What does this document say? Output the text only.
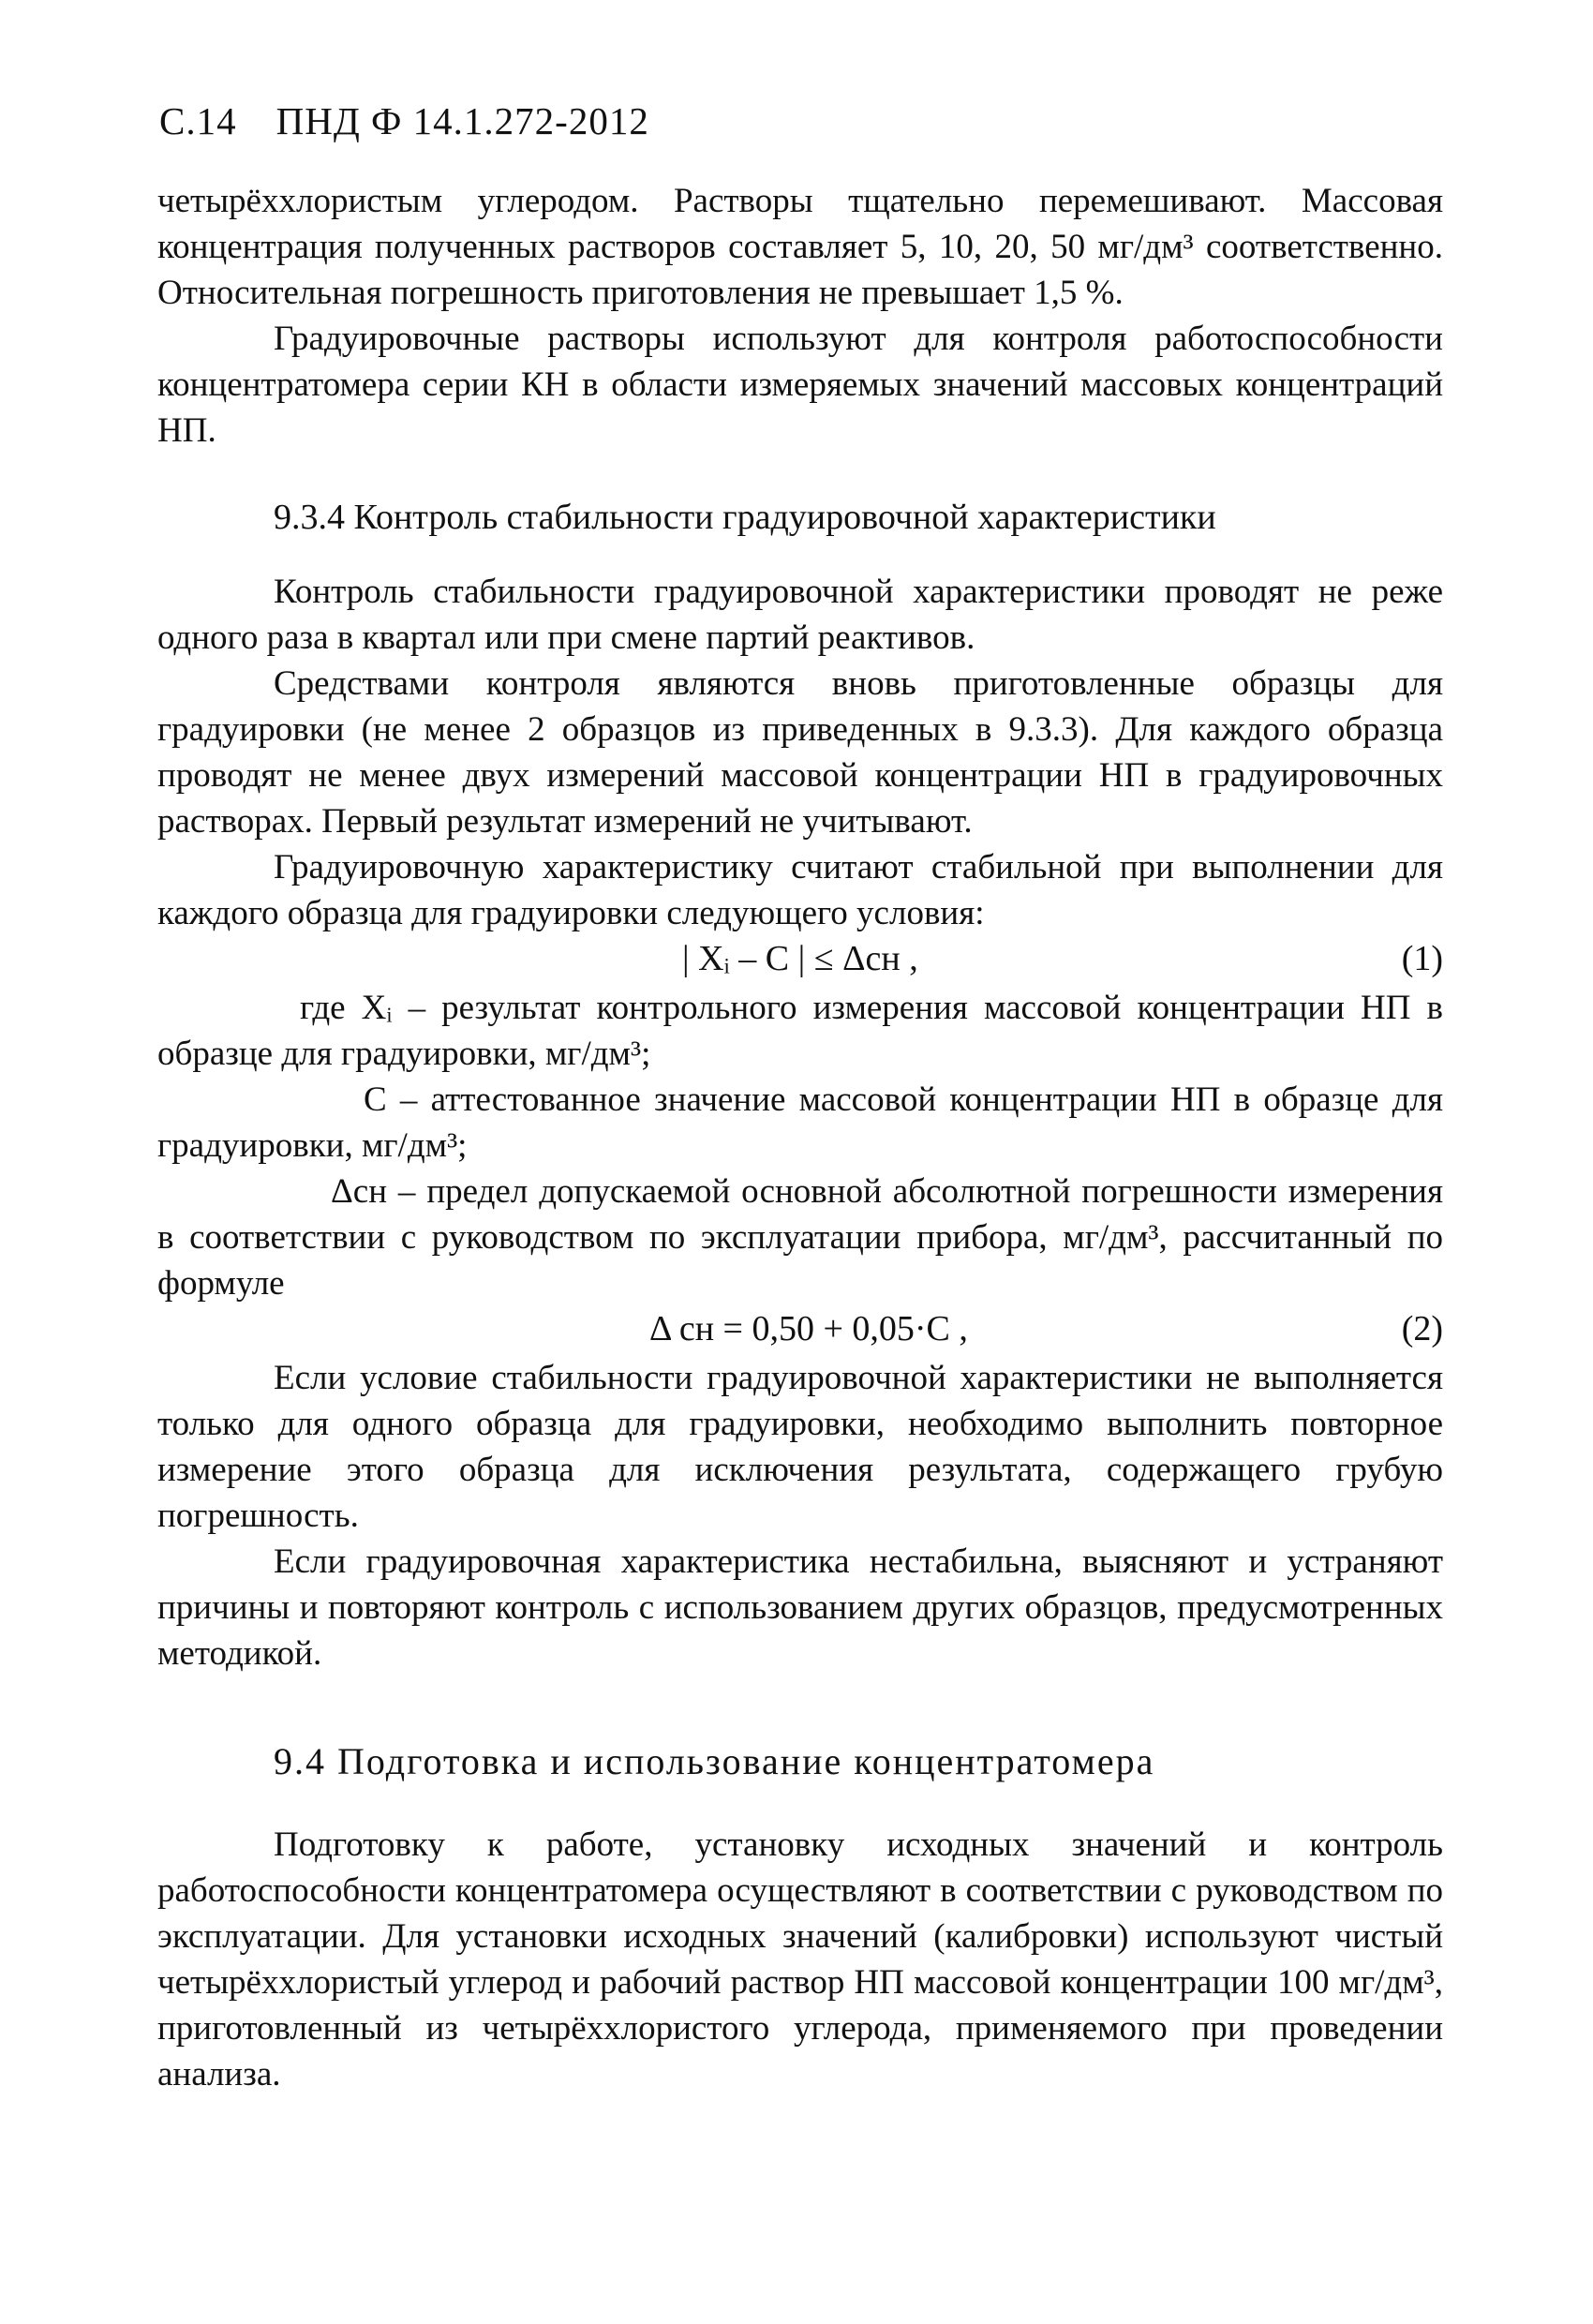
С.14 ПНД Ф 14.1.272-2012

четырёххлористым углеродом. Растворы тщательно перемешивают. Массовая концентрация полученных растворов составляет 5, 10, 20, 50 мг/дм³ соответственно. Относительная погрешность приготовления не превышает 1,5 %.

Градуировочные растворы используют для контроля работоспособности концентратомера серии КН в области измеряемых значений массовых концентраций НП.

9.3.4 Контроль стабильности градуировочной характеристики

Контроль стабильности градуировочной характеристики проводят не реже одного раза в квартал или при смене партий реактивов.

Средствами контроля являются вновь приготовленные образцы для градуировки (не менее 2 образцов из приведенных в 9.3.3). Для каждого образца проводят не менее двух измерений массовой концентрации НП в градуировочных растворах. Первый результат измерений не учитывают.

Градуировочную характеристику считают стабильной при выполнении для каждого образца для градуировки следующего условия:

| Xᵢ – C | ≤ Δсн ,	(1)

где Xᵢ – результат контрольного измерения массовой концентрации НП в образце для градуировки, мг/дм³;

С – аттестованное значение массовой концентрации НП в образце для градуировки, мг/дм³;

Δсн – предел допускаемой основной абсолютной погрешности измерения в соответствии с руководством по эксплуатации прибора, мг/дм³, рассчитанный по формуле

Δ сн = 0,50 + 0,05·С ,	(2)

Если условие стабильности градуировочной характеристики не выполняется только для одного образца для градуировки, необходимо выполнить повторное измерение этого образца для исключения результата, содержащего грубую погрешность.

Если градуировочная характеристика нестабильна, выясняют и устраняют причины и повторяют контроль с использованием других образцов, предусмотренных методикой.

9.4 Подготовка и использование концентратомера

Подготовку к работе, установку исходных значений и контроль работоспособности концентратомера осуществляют в соответствии с руководством по эксплуатации. Для установки исходных значений (калибровки) используют чистый четырёххлористый углерод и рабочий раствор НП массовой концентрации 100 мг/дм³, приготовленный из четырёххлористого углерода, применяемого при проведении анализа.
